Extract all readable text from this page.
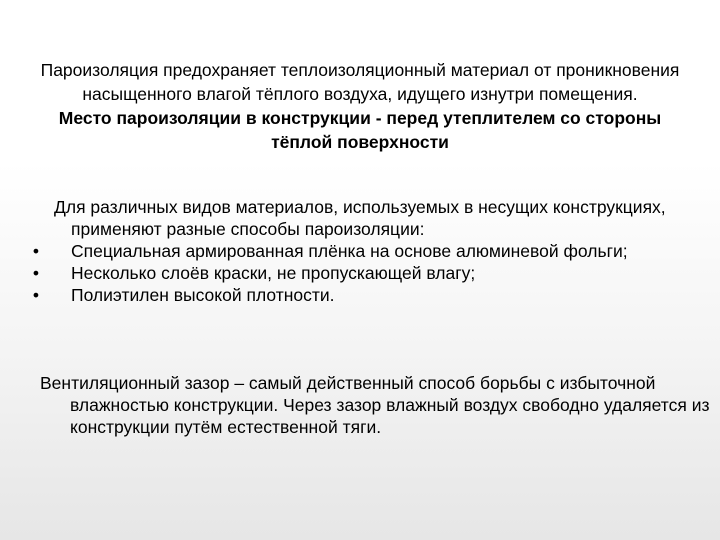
Пароизоляция предохраняет теплоизоляционный материал от проникновения насыщенного влагой тёплого воздуха, идущего изнутри помещения.

Место пароизоляции в конструкции - перед утеплителем со стороны тёплой поверхности

Для различных видов материалов, используемых в несущих конструкциях, применяют разные способы пароизоляции:

• Специальная армированная плёнка на основе алюминевой фольги;
• Несколько слоёв краски, не пропускающей влагу;
• Полиэтилен высокой плотности.

Вентиляционный зазор – самый действенный способ борьбы с избыточной влажностью конструкции. Через зазор влажный воздух свободно удаляется из конструкции путём естественной тяги.
